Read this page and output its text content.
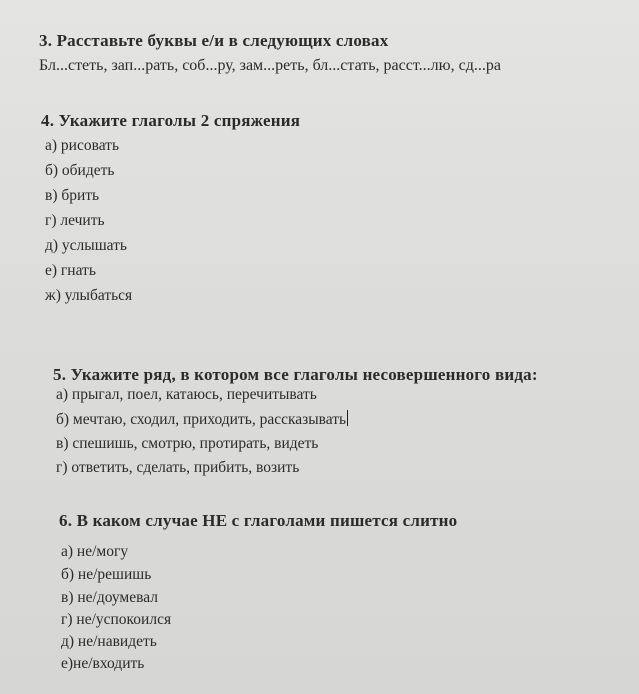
3. Расставьте буквы е/и в следующих словах
Бл...стеть, зап...рать, соб...ру, зам...реть, бл...стать, расст...лю, сд...ра
4. Укажите глаголы 2 спряжения
а) рисовать
б) обидеть
в) брить
г) лечить
д) услышать
е) гнать
ж) улыбаться
5. Укажите ряд, в котором все глаголы несовершенного вида:
а) прыгал, поел, катаюсь, перечитывать
б) мечтаю, сходил, приходить, рассказывать
в) спешишь, смотрю, протирать, видеть
г) ответить, сделать, прибить, возить
6. В каком случае НЕ с глаголами пишется слитно
а) не/могу
б) не/решишь
в) не/доумевал
г) не/успокоился
д) не/навидеть
е)не/входить
